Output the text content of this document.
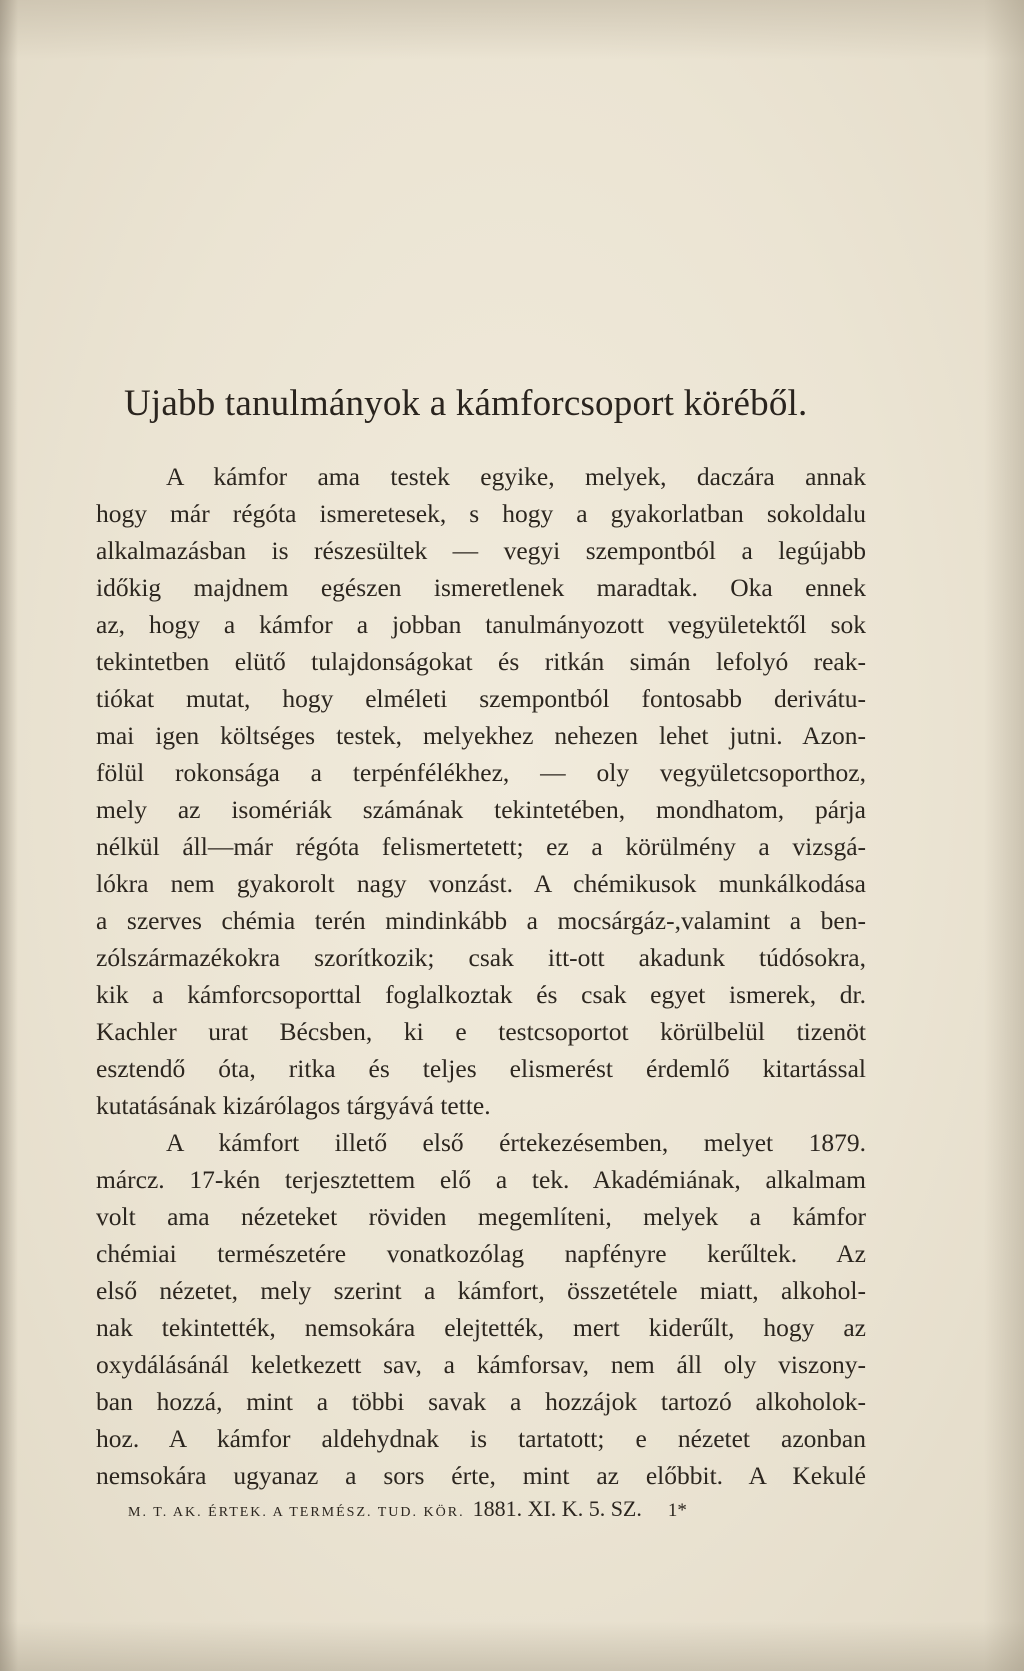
Ujabb tanulmányok a kámforcsoport köréből.
A kámfor ama testek egyike, melyek, daczára annak
hogy már régóta ismeretesek, s hogy a gyakorlatban sokoldalu
alkalmazásban is részesültek — vegyi szempontból a legújabb
időkig majdnem egészen ismeretlenek maradtak. Oka ennek
az, hogy a kámfor a jobban tanulmányozott vegyületektől sok
tekintetben elütő tulajdonságokat és ritkán simán lefolyó reak-
tiókat mutat, hogy elméleti szempontból fontosabb derivátu-
mai igen költséges testek, melyekhez nehezen lehet jutni. Azon-
fölül rokonsága a terpénfélékhez, — oly vegyületcsoporthoz,
mely az isomériák számának tekintetében, mondhatom, párja
nélkül áll—már régóta felismertetett; ez a körülmény a vizsgá-
lókra nem gyakorolt nagy vonzást. A chémikusok munkálkodása
a szerves chémia terén mindinkább a mocsárgáz-,valamint a ben-
zólszármazékokra szorítkozik; csak itt-ott akadunk túdósokra,
kik a kámforcsoporttal foglalkoztak és csak egyet ismerek, dr.
Kachler urat Bécsben, ki e testcsoportot körülbelül tizenöt
esztendő óta, ritka és teljes elismerést érdemlő kitartással
kutatásának kizárólagos tárgyává tette.
A kámfort illető első értekezésemben, melyet 1879.
márcz. 17-kén terjesztettem elő a tek. Akadémiának, alkalmam
volt ama nézeteket röviden megemlíteni, melyek a kámfor
chémiai természetére vonatkozólag napfényre kerűltek. Az
első nézetet, mely szerint a kámfort, összetétele miatt, alkohol-
nak tekintették, nemsokára elejtették, mert kiderűlt, hogy az
oxydálásánál keletkezett sav, a kámforsav, nem áll oly viszony-
ban hozzá, mint a többi savak a hozzájok tartozó alkoholok-
hoz. A kámfor aldehydnak is tartatott; e nézetet azonban
nemsokára ugyanaz a sors érte, mint az előbbit. A Kekulé
M. T. AK. ÉRTEK. A TERMÉSZ. TUD. KÖR. 1881. XI. K. 5. SZ. 1*
